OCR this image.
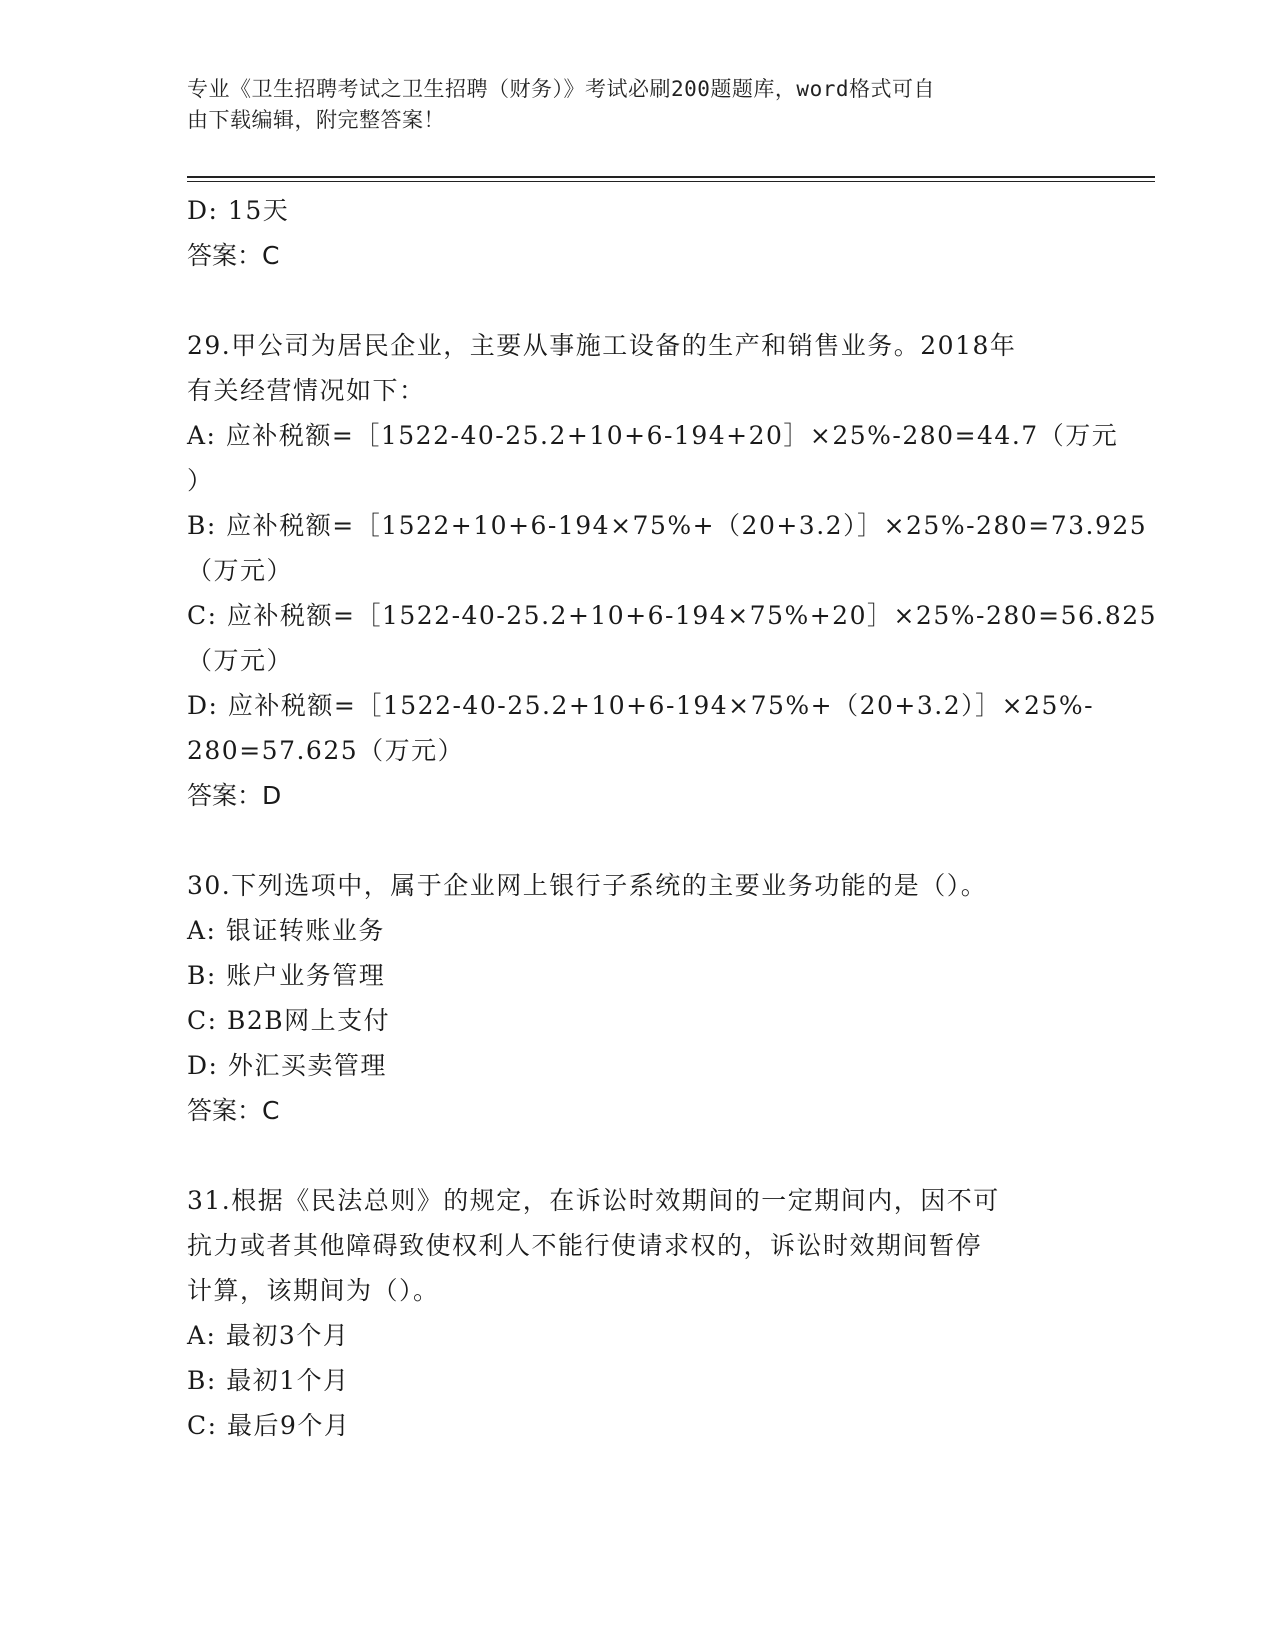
专业《卫生招聘考试之卫生招聘（财务）》考试必刷200题题库，word格式可自
由下载编辑，附完整答案！
D: 15天
答案：C
29.甲公司为居民企业，主要从事施工设备的生产和销售业务。2018年
有关经营情况如下：
A: 应补税额=［1522-40-25.2+10+6-194+20］×25%-280=44.7（万元
）
B: 应补税额=［1522+10+6-194×75%+（20+3.2）］×25%-280=73.925
（万元）
C: 应补税额=［1522-40-25.2+10+6-194×75%+20］×25%-280=56.825
（万元）
D: 应补税额=［1522-40-25.2+10+6-194×75%+（20+3.2）］×25%-
280=57.625（万元）
答案：D
30.下列选项中，属于企业网上银行子系统的主要业务功能的是（）。
A: 银证转账业务
B: 账户业务管理
C: B2B网上支付
D: 外汇买卖管理
答案：C
31.根据《民法总则》的规定，在诉讼时效期间的一定期间内，因不可
抗力或者其他障碍致使权利人不能行使请求权的，诉讼时效期间暂停
计算，该期间为（）。
A: 最初3个月
B: 最初1个月
C: 最后9个月
